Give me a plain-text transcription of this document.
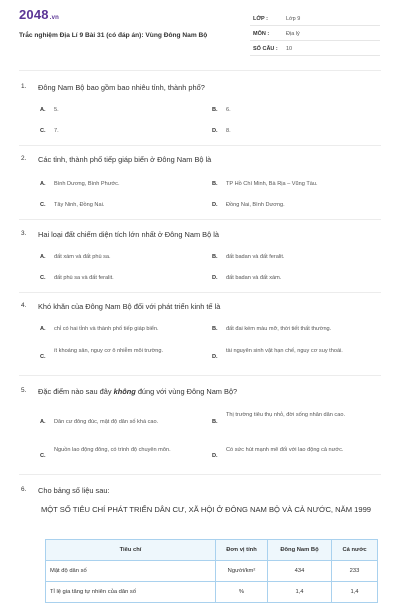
2048.vn
Trắc nghiệm Địa Lí 9 Bài 31 (có đáp án): Vùng Đông Nam Bộ
LỚP :	Lớp 9
MÔN :	Địa lý
SỐ CÂU : 10
1. Đông Nam Bộ bao gồm bao nhiêu tỉnh, thành phố?
A. 5.	B. 6.
C. 7.	D. 8.
2. Các tỉnh, thành phố tiếp giáp biển ở Đông Nam Bộ là
A. Bình Dương, Bình Phước.	B. TP Hồ Chí Minh, Bà Rịa – Vũng Tàu.
C. Tây Ninh, Đồng Nai.	D. Đồng Nai, Bình Dương.
3. Hai loại đất chiếm diện tích lớn nhất ở Đông Nam Bộ là
A. đất xám và đất phù sa.	B. đất badan và đất feralit.
C. đất phù sa và đất feralit.	D. đất badan và đất xám.
4. Khó khăn của Đông Nam Bộ đối với phát triển kinh tế là
A. chỉ có hai tỉnh và thành phố tiếp giáp biển.	B. đất đai kém màu mỡ, thời tiết thất thường.
C.
ít khoáng sản, nguy cơ ô nhiễm môi trường.
D.
tài nguyên sinh vật hạn chế, nguy cơ suy thoái.
5. Đặc điểm nào sau đây không đúng với vùng Đông Nam Bộ?
A. Dân cư đông đúc, mật độ dân số khá cao.	B.
Thị trường tiêu thụ nhỏ, đời sống nhân dân cao.
C.
Nguồn lao động đông, có trình độ chuyên môn.
D.
Có sức hút mạnh mẽ đối với lao động cả nước.
6. Cho bảng số liệu sau:
MỘT SỐ TIÊU CHÍ PHÁT TRIỂN DÂN CƯ, XÃ HỘI Ở ĐÔNG NAM BỘ VÀ CẢ NƯỚC, NĂM 1999
Tiêu chí	Đơn vị tính	Đông Nam Bộ	Cả nước
Mật độ dân số	Người/km²	434	233
Tỉ lệ gia tăng tự nhiên của dân số	%	1,4	1,4
